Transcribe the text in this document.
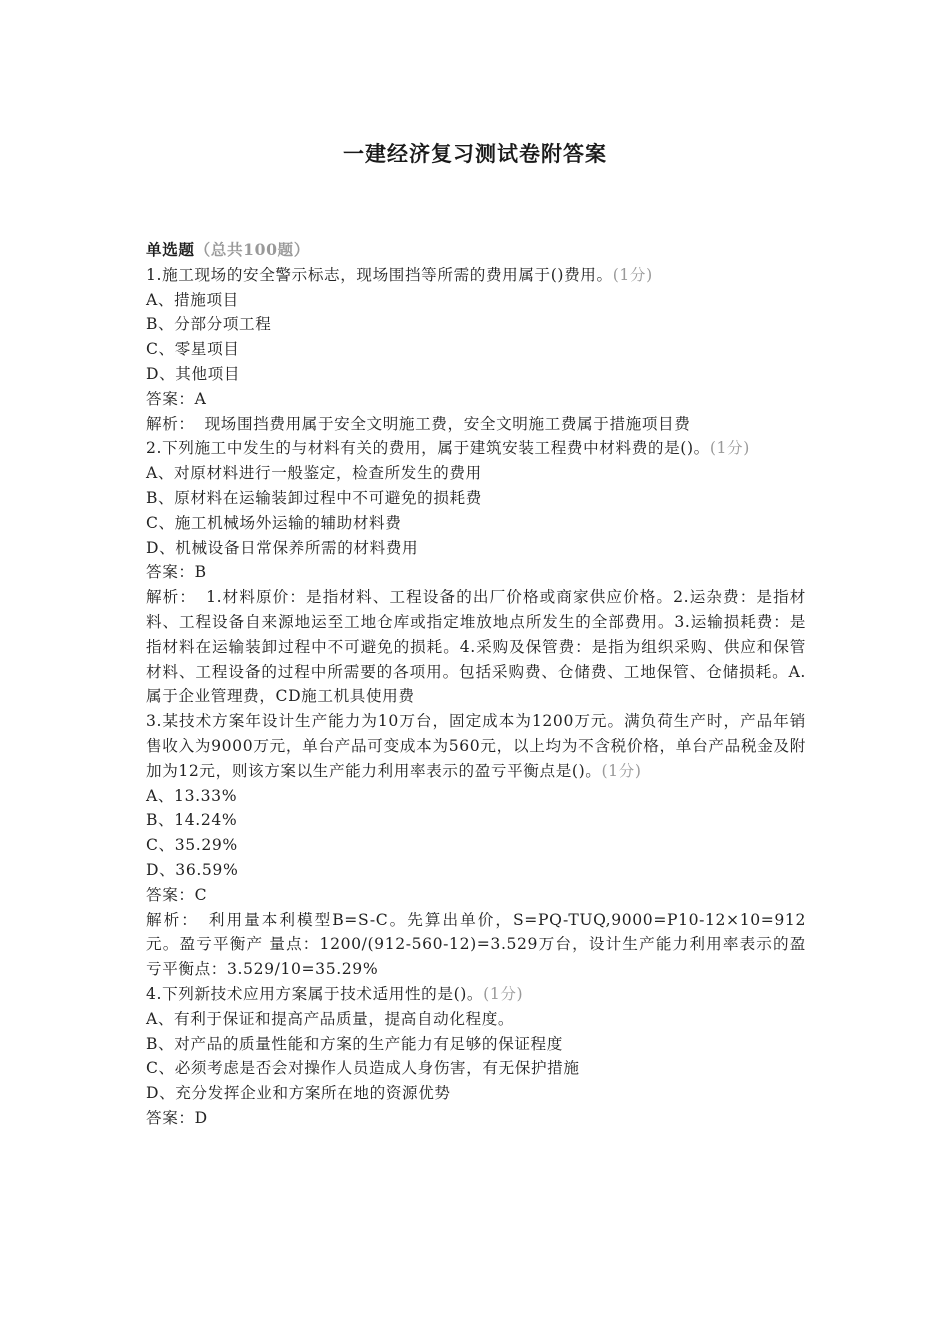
一建经济复习测试卷附答案
单选题（总共100题）
1.施工现场的安全警示标志，现场围挡等所需的费用属于()费用。(1分)
A、措施项目
B、分部分项工程
C、零星项目
D、其他项目
答案：A
解析： 现场围挡费用属于安全文明施工费，安全文明施工费属于措施项目费
2.下列施工中发生的与材料有关的费用，属于建筑安装工程费中材料费的是()。(1分)
A、对原材料进行一般鉴定，检查所发生的费用
B、原材料在运输装卸过程中不可避免的损耗费
C、施工机械场外运输的辅助材料费
D、机械设备日常保养所需的材料费用
答案：B
解析： 1.材料原价：是指材料、工程设备的出厂价格或商家供应价格。2.运杂费：是指材料、工程设备自来源地运至工地仓库或指定堆放地点所发生的全部费用。3.运输损耗费：是指材料在运输装卸过程中不可避免的损耗。4.采购及保管费：是指为组织采购、供应和保管材料、工程设备的过程中所需要的各项用。包括采购费、仓储费、工地保管、仓储损耗。A.属于企业管理费，CD施工机具使用费
3.某技术方案年设计生产能力为10万台，固定成本为1200万元。满负荷生产时，产品年销售收入为9000万元，单台产品可变成本为560元，以上均为不含税价格，单台产品税金及附加为12元，则该方案以生产能力利用率表示的盈亏平衡点是()。(1分)
A、13.33%
B、14.24%
C、35.29%
D、36.59%
答案：C
解析： 利用量本利模型B=S-C。先算出单价，S=PQ-TUQ,9000=P10-12×10=912元。盈亏平衡产 量点：1200/(912-560-12)=3.529万台，设计生产能力利用率表示的盈亏平衡点：3.529/10=35.29%
4.下列新技术应用方案属于技术适用性的是()。(1分)
A、有利于保证和提高产品质量，提高自动化程度。
B、对产品的质量性能和方案的生产能力有足够的保证程度
C、必须考虑是否会对操作人员造成人身伤害，有无保护措施
D、充分发挥企业和方案所在地的资源优势
答案：D
